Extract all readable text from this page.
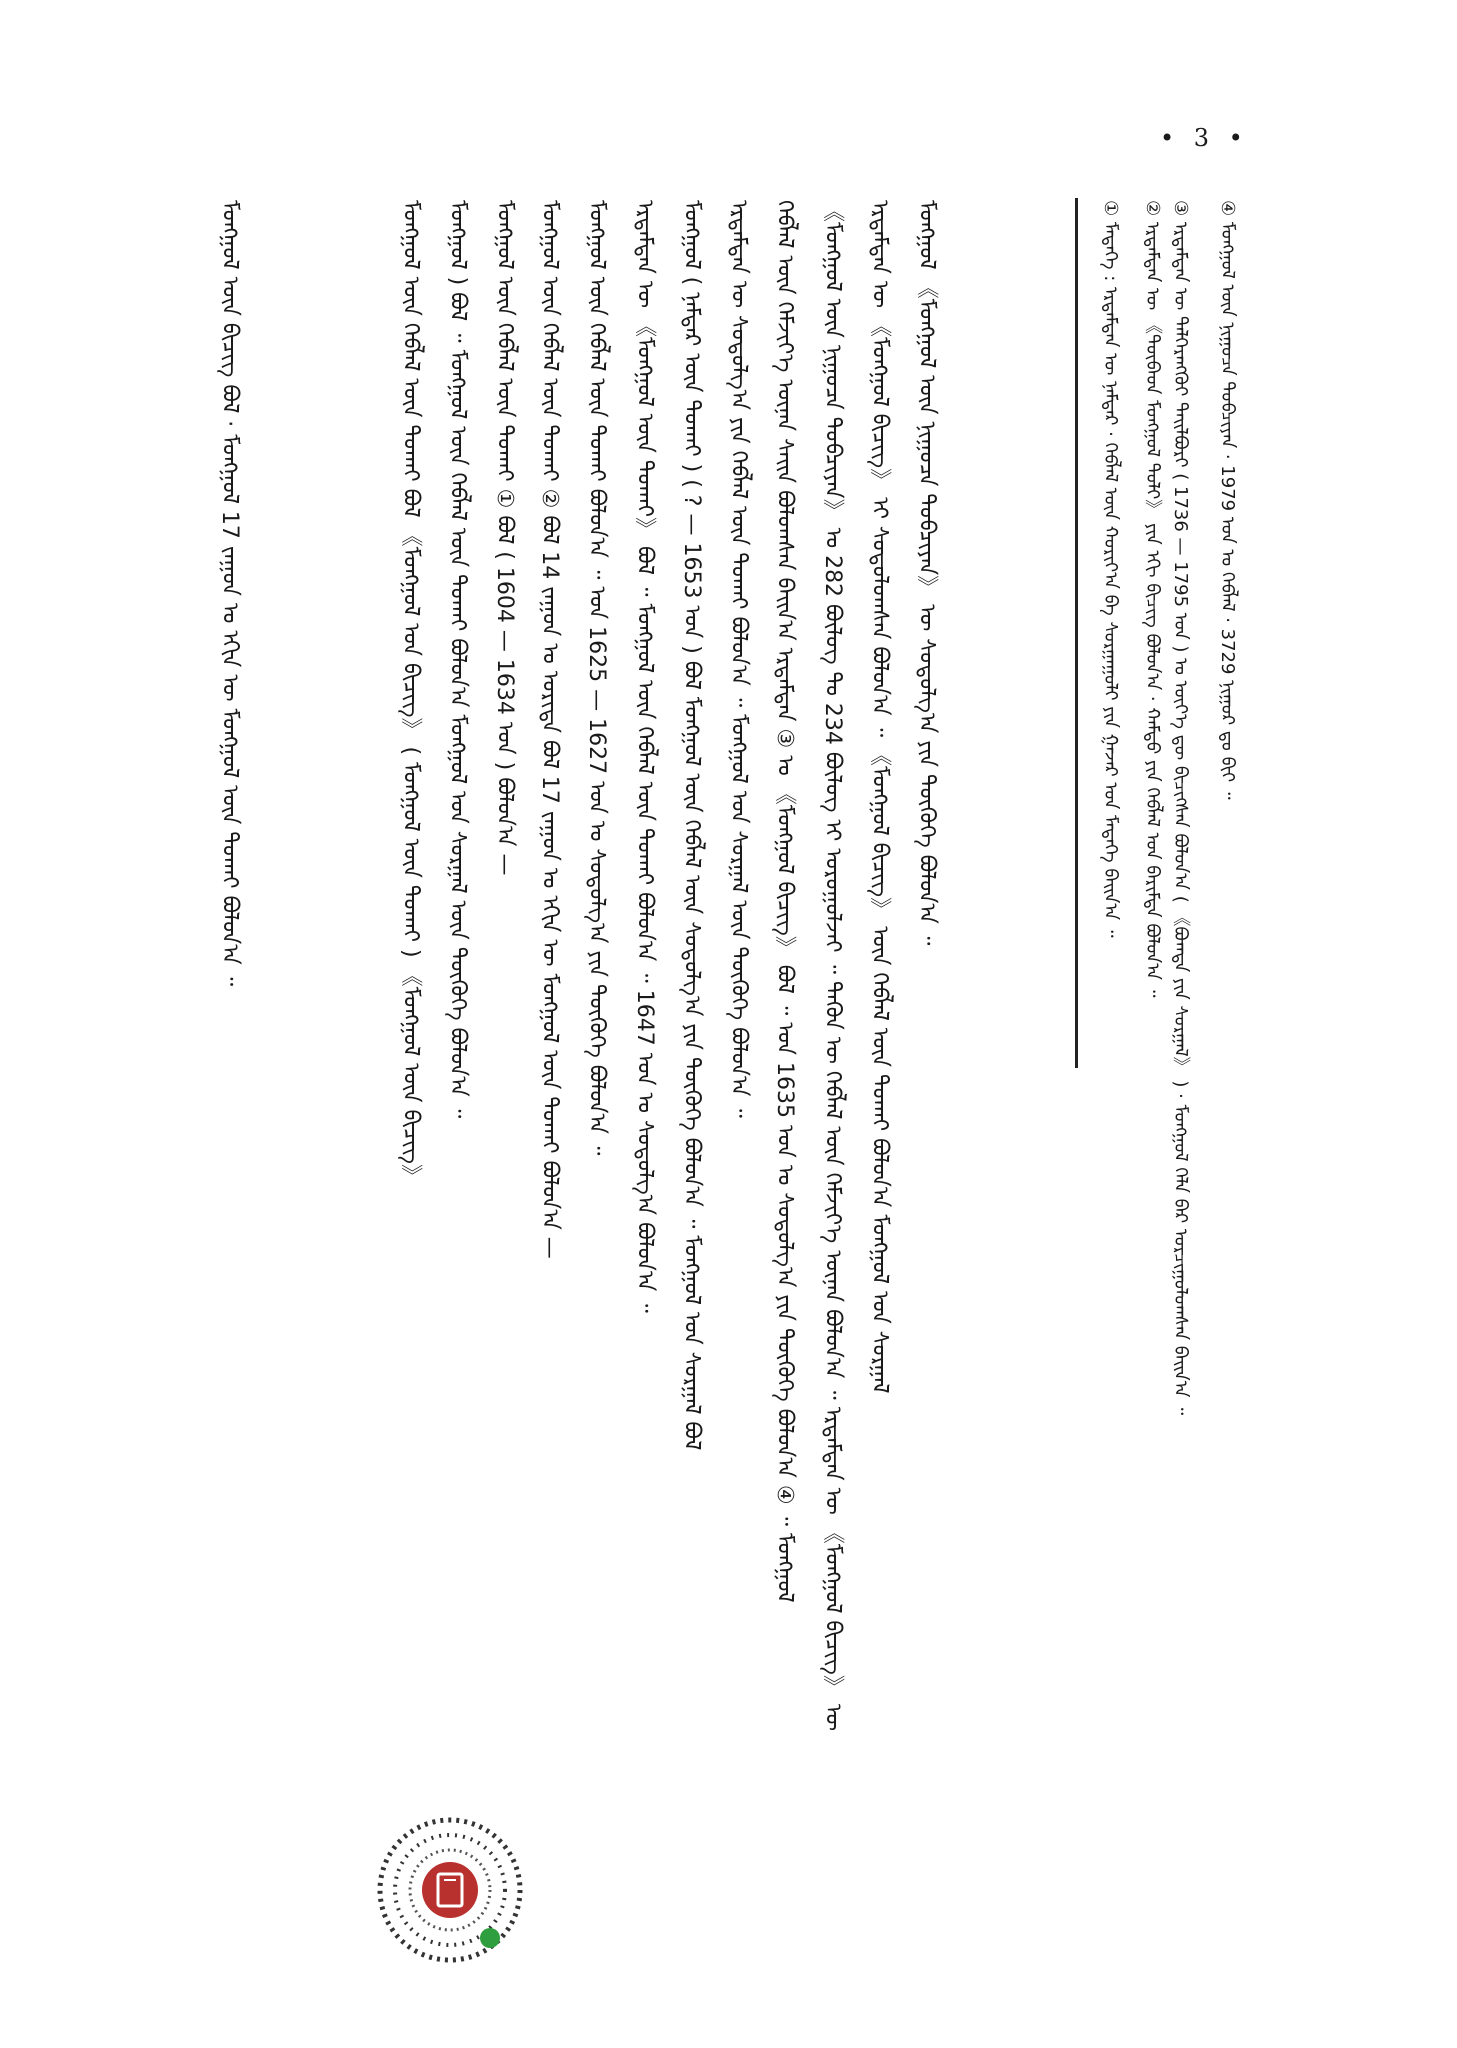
• 3 •
④ ᠮᠣᠩᠭᠣᠯ ᠦᠨ ᠨᠢᠭᠤᠴᠠ ᠲᠣᠪᠴᠢᠶᠠᠨ · 1979 ᠣᠨ ᠤ ᠬᠡᠪᠯᠡᠯ · 3729 ᠨᠢᠭᠤᠷ ᠳᠤ ᠪᠢᠢ ᠃
③ ᠡᠷᠳᠡᠮᠲᠡᠨ ᠦ ᠳᠡᠯᠭᠡᠷᠡᠩᠭᠦᠢ ᠲᠠᠢᠯᠪᠤᠷᠢ ( 1736 — 1795 ᠣᠨ ) ᠤ ᠦᠶ᠎ᠡ ᠳᠦ ᠪᠢᠴᠢᠭᠰᠡᠨ ᠪᠣᠯᠤᠨ᠎ᠠ ( 《ᠪᠣᠭᠳᠠ ᠶᠢᠨ ᠰᠤᠷᠭᠠᠯ》 ) · ᠮᠣᠩᠭᠣᠯ ᠬᠡᠯᠡ ᠪᠡᠷ ᠣᠷᠴᠢᠭᠤᠯᠤᠭᠰᠠᠨ ᠪᠠᠢᠨ᠎ᠠ ᠃
② ᠡᠷᠳᠡᠮᠲᠡᠨ ᠦ 《ᠲᠥᠪᠡᠳ ᠮᠣᠩᠭᠣᠯ ᠲᠣᠯᠢ》 ᠶᠢᠨ ᠡᠬᠢ ᠪᠢᠴᠢᠭ ᠪᠣᠯᠤᠨ᠎ᠠ · ᠬᠠᠮᠲᠤ ᠶᠢᠨ ᠬᠡᠪᠯᠡᠯ ᠤᠨ ᠪᠠᠷᠢᠮᠲᠠ ᠪᠣᠯᠤᠨ᠎ᠠ ᠃
① ᠮᠡᠳᠡᠭᠡ : ᠡᠷᠳᠡᠮᠲᠡᠨ ᠦ ᠨᠠᠮᠲᠠᠷ · ᠬᠡᠪᠯᠡᠯ ᠦᠨ ᠬᠣᠷᠢᠶ᠎ᠠ ᠪᠠ ᠰᠤᠷᠭᠠᠭᠤᠯᠢ ᠶᠢᠨ ᠭᠠᠵᠠᠷ ᠤᠨ ᠮᠡᠳᠡᠭᠡ ᠪᠠᠢᠨ᠎ᠠ ᠃
ᠮᠣᠩᠭᠣᠯ 《ᠮᠣᠩᠭᠣᠯ ᠦᠨ ᠨᠢᠭᠤᠴᠠ ᠲᠣᠪᠴᠢᠶᠠᠨ》 ᠦ ᠰᠤᠳᠤᠯᠭ᠎ᠠ ᠶᠢᠨ ᠲᠦᠭᠦᠬᠡ ᠪᠣᠯᠤᠨ᠎ᠠ ᠃
ᠡᠷᠳᠡᠮᠲᠡᠨ ᠦ 《ᠮᠣᠩᠭᠣᠯ ᠪᠢᠴᠢᠭ》 ᠢ ᠰᠤᠳᠤᠯᠤᠭᠰᠠᠨ ᠪᠣᠯᠤᠨ᠎ᠠ ᠃ 《ᠮᠣᠩᠭᠣᠯ ᠪᠢᠴᠢᠭ》 ᠦᠨ ᠬᠡᠪᠯᠡᠯ ᠦᠨ ᠲᠤᠬᠠᠢ ᠪᠣᠯᠤᠨ᠎ᠠ ᠮᠣᠩᠭᠣᠯ ᠤᠨ ᠰᠤᠷᠭᠠᠯ
《ᠮᠣᠩᠭᠣᠯ ᠦᠨ ᠨᠢᠭᠤᠴᠠ ᠲᠣᠪᠴᠢᠶᠠᠨ》 ᠤ 282 ᠪᠦᠯᠦᠭ ᠲᠤ 234 ᠪᠦᠯᠦᠭ ᠢ ᠣᠷᠣᠭᠤᠯᠵᠠᠢ ᠃ ᠲᠡᠭᠦᠨ ᠦ ᠬᠡᠪᠯᠡᠯ ᠦᠨ ᠬᠡᠮᠵᠢᠶ᠎ᠡ ᠦᠨᠡᠨ ᠪᠣᠯᠤᠨ᠎ᠠ ᠃ ᠡᠷᠳᠡᠮᠲᠡᠨ ᠦ 《ᠮᠣᠩᠭᠣᠯ ᠪᠢᠴᠢᠭ》 ᠦ
ᠬᠡᠪᠯᠡᠯ ᠦᠨ ᠬᠡᠮᠵᠢᠶ᠎ᠡ ᠦᠨᠡᠨ ᠰᠠᠢᠨ ᠪᠣᠯᠤᠭᠰᠠᠨ ᠪᠠᠢᠨ᠎ᠠ ᠡᠷᠳᠡᠮᠲᠡᠨ ③ ᠤ 《ᠮᠣᠩᠭᠣᠯ ᠪᠢᠴᠢᠭ》 ᠪᠣᠯ ᠃ ᠣᠨ 1635 ᠣᠨ ᠤ ᠰᠤᠳᠤᠯᠭ᠎ᠠ ᠶᠢᠨ ᠲᠦᠭᠦᠬᠡ ᠪᠣᠯᠤᠨ᠎ᠠ ④ ᠃ ᠮᠣᠩᠭᠣᠯ
ᠡᠷᠳᠡᠮᠲᠡᠨ ᠦ ᠰᠤᠳᠤᠯᠭ᠎ᠠ ᠶᠢᠨ ᠬᠡᠪᠯᠡᠯ ᠦᠨ ᠲᠤᠬᠠᠢ ᠪᠣᠯᠤᠨ᠎ᠠ ᠃ ᠮᠣᠩᠭᠣᠯ ᠤᠨ ᠰᠤᠷᠭᠠᠯ ᠦᠨ ᠲᠦᠭᠦᠬᠡ ᠪᠣᠯᠤᠨ᠎ᠠ ᠃
ᠮᠣᠩᠭᠣᠯ ( ᠨᠠᠮᠲᠠᠷ ᠦᠨ ᠲᠤᠬᠠᠢ ) ( ? — 1653 ᠣᠨ ) ᠪᠣᠯ ᠮᠣᠩᠭᠣᠯ ᠦᠨ ᠬᠡᠪᠯᠡᠯ ᠦᠨ ᠰᠤᠳᠤᠯᠭ᠎ᠠ ᠶᠢᠨ ᠲᠦᠭᠦᠬᠡ ᠪᠣᠯᠤᠨ᠎ᠠ ᠃ ᠮᠣᠩᠭᠣᠯ ᠤᠨ ᠰᠤᠷᠭᠠᠯ ᠪᠣᠯ
ᠡᠷᠳᠡᠮᠲᠡᠨ ᠦ 《ᠮᠣᠩᠭᠣᠯ ᠦᠨ ᠲᠤᠬᠠᠢ》 ᠪᠣᠯ ᠃ ᠮᠣᠩᠭᠣᠯ ᠦᠨ ᠬᠡᠪᠯᠡᠯ ᠦᠨ ᠲᠤᠬᠠᠢ ᠪᠣᠯᠤᠨ᠎ᠠ ᠃ 1647 ᠣᠨ ᠤ ᠰᠤᠳᠤᠯᠭ᠎ᠠ ᠪᠣᠯᠤᠨ᠎ᠠ ᠃
ᠮᠣᠩᠭᠣᠯ ᠦᠨ ᠬᠡᠪᠯᠡᠯ ᠦᠨ ᠲᠤᠬᠠᠢ ᠪᠣᠯᠤᠨ᠎ᠠ ᠃ ᠣᠨ 1625 — 1627 ᠣᠨ ᠤ ᠰᠤᠳᠤᠯᠭ᠎ᠠ ᠶᠢᠨ ᠲᠦᠭᠦᠬᠡ ᠪᠣᠯᠤᠨ᠎ᠠ ᠃
ᠮᠣᠩᠭᠣᠯ ᠦᠨ ᠬᠡᠪᠯᠡᠯ ᠦᠨ ᠲᠤᠬᠠᠢ ② ᠪᠣᠯ 14 ᠵᠠᠭᠤᠨ ᠤ ᠤᠷᠢᠳᠠ ᠪᠣᠯ 17 ᠵᠠᠭᠤᠨ ᠤ ᠡᠬᠢᠨ ᠦ ᠮᠣᠩᠭᠣᠯ ᠦᠨ ᠲᠤᠬᠠᠢ ᠪᠣᠯᠤᠨ᠎ᠠ —
ᠮᠣᠩᠭᠣᠯ ᠦᠨ ᠬᠡᠪᠯᠡᠯ ᠦᠨ ᠲᠤᠬᠠᠢ ① ᠪᠣᠯ ( 1604 — 1634 ᠣᠨ ) ᠪᠣᠯᠤᠨ᠎ᠠ —
ᠮᠣᠩᠭᠣᠯ ) ᠪᠣᠯ ᠃ ᠮᠣᠩᠭᠣᠯ ᠦᠨ ᠬᠡᠪᠯᠡᠯ ᠦᠨ ᠲᠤᠬᠠᠢ ᠪᠣᠯᠤᠨ᠎ᠠ ᠮᠣᠩᠭᠣᠯ ᠤᠨ ᠰᠤᠷᠭᠠᠯ ᠦᠨ ᠲᠦᠭᠦᠬᠡ ᠪᠣᠯᠤᠨ᠎ᠠ ᠃
ᠮᠣᠩᠭᠣᠯ ᠦᠨ ᠬᠡᠪᠯᠡᠯ ᠦᠨ ᠲᠤᠬᠠᠢ ᠪᠣᠯ 《ᠮᠣᠩᠭᠣᠯ ᠤᠨ ᠪᠢᠴᠢᠭ》 ( ᠮᠣᠩᠭᠣᠯ ᠦᠨ ᠲᠤᠬᠠᠢ ) 《ᠮᠣᠩᠭᠣᠯ ᠦᠨ ᠪᠢᠴᠢᠭ》
ᠮᠣᠩᠭᠣᠯ ᠦᠨ ᠪᠢᠴᠢᠭ ᠪᠣᠯ · ᠮᠣᠩᠭᠣᠯ 17 ᠵᠠᠭᠤᠨ ᠤ ᠡᠬᠢᠨ ᠦ ᠮᠣᠩᠭᠣᠯ ᠦᠨ ᠲᠤᠬᠠᠢ ᠪᠣᠯᠤᠨ᠎ᠠ ᠃
